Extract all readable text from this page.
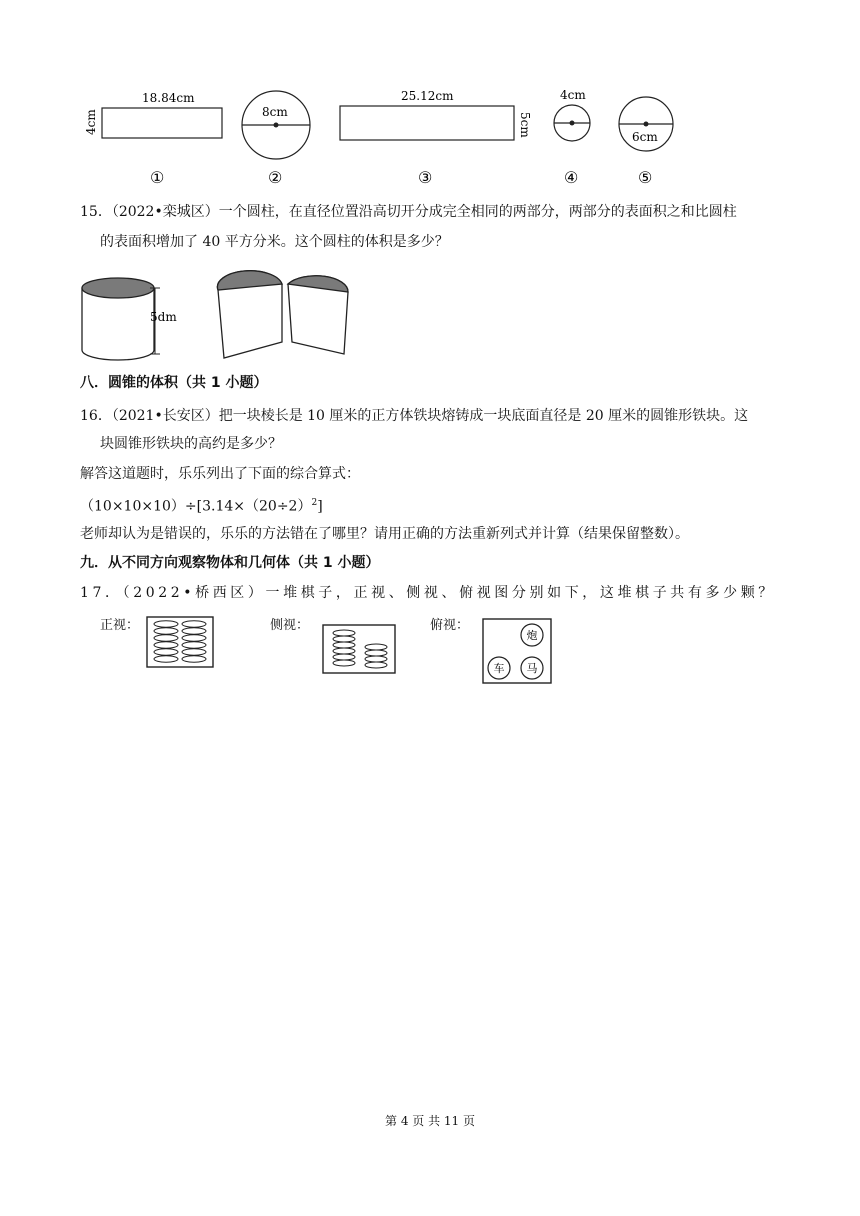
18.84cm
4cm
①
8cm
②
25.12cm
5cm
③
4cm
④
6cm
⑤
15．（2022•栾城区）一个圆柱，在直径位置沿高切开分成完全相同的两部分，两部分的表面积之和比圆柱
的表面积增加了 40 平方分米。这个圆柱的体积是多少？
5dm
八．圆锥的体积（共 1 小题）
16．（2021•长安区）把一块棱长是 10 厘米的正方体铁块熔铸成一块底面直径是 20 厘米的圆锥形铁块。这
块圆锥形铁块的高约是多少？
解答这道题时，乐乐列出了下面的综合算式：
$(10\times 10\times 10)\div[3.14\times(20\div 2)^2]$
老师却认为是错误的，乐乐的方法错在了哪里？请用正确的方法重新列式并计算（结果保留整数）。
九．从不同方向观察物体和几何体（共 1 小题）
17．（2022•桥西区）一堆棋子，正视、侧视、俯视图分别如下，这堆棋子共有多少颗？
正视：	侧视：	俯视：
炮
车 马
第 4 页 共 11 页
